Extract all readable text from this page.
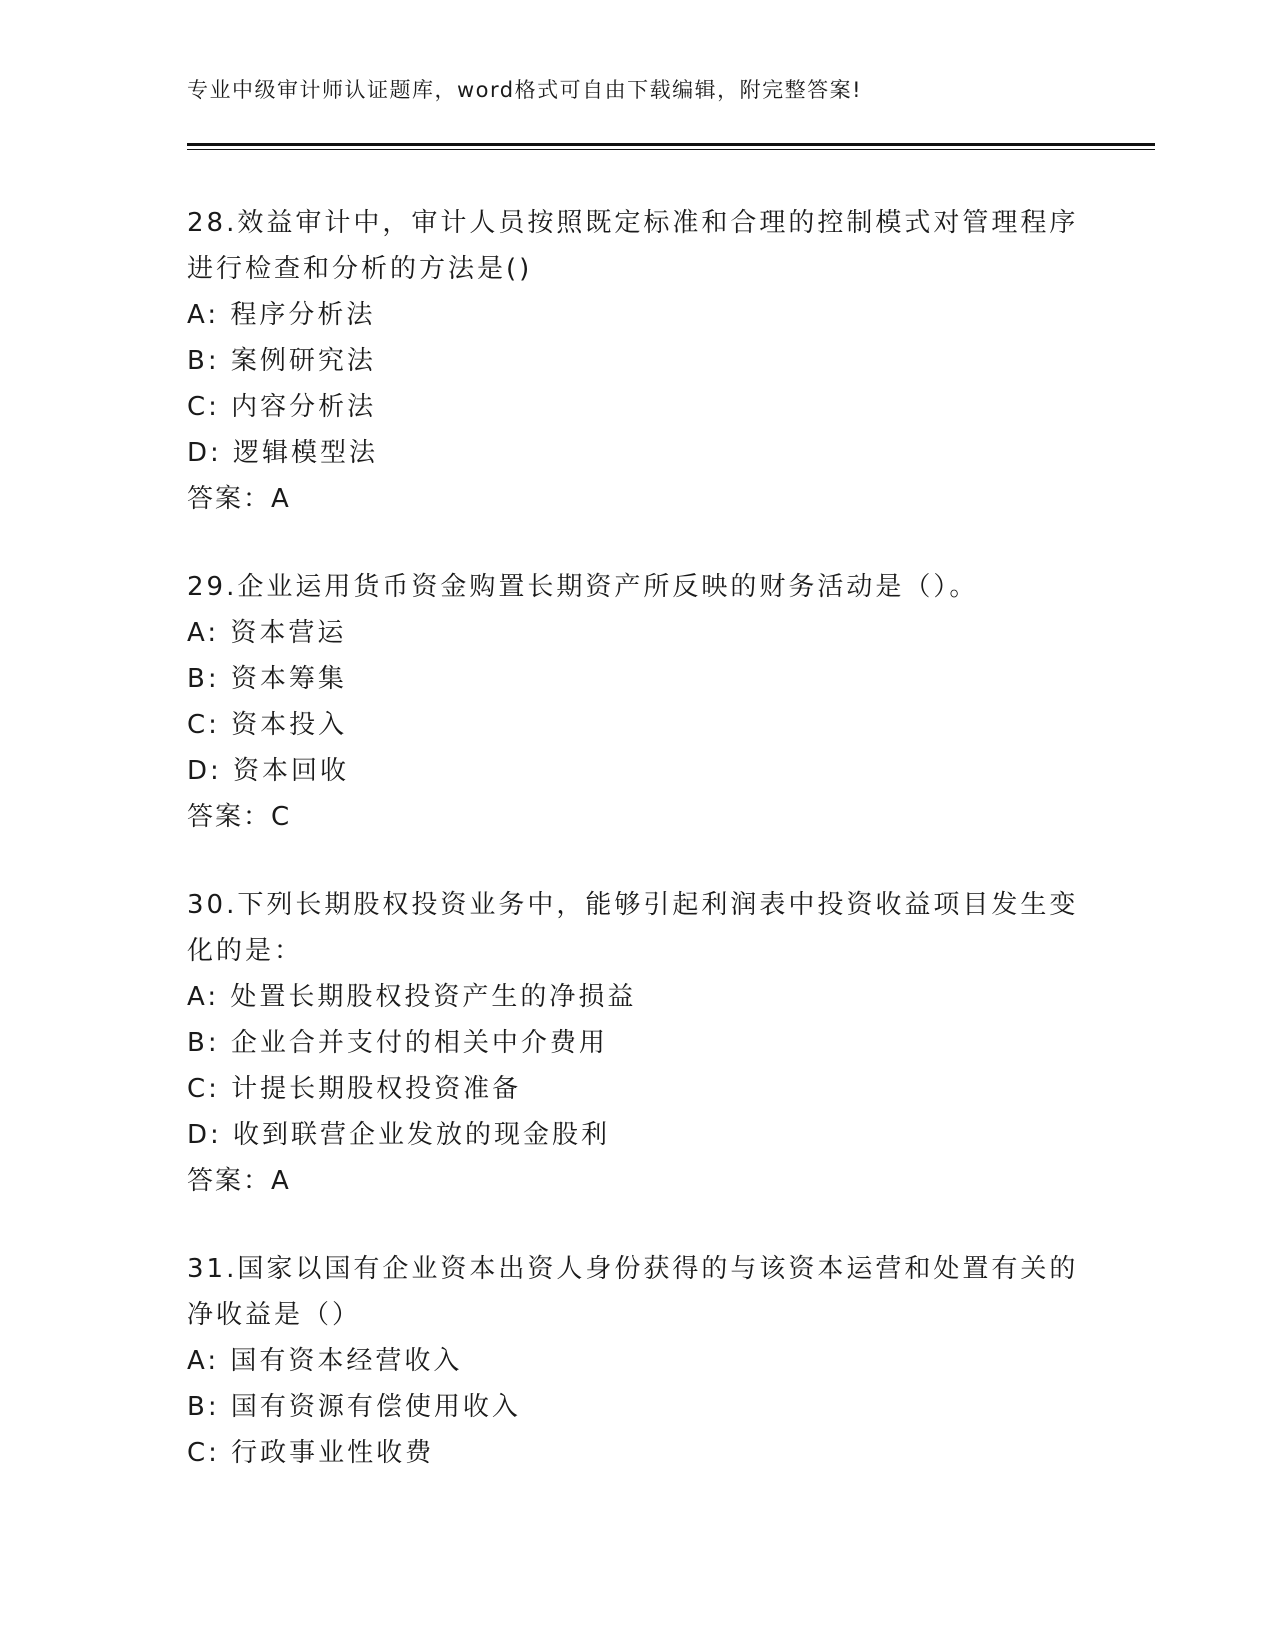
专业中级审计师认证题库，word格式可自由下载编辑，附完整答案!

28.效益审计中，审计人员按照既定标准和合理的控制模式对管理程序进行检查和分析的方法是()

A: 程序分析法
B: 案例研究法
C: 内容分析法
D: 逻辑模型法
答案：A

29.企业运用货币资金购置长期资产所反映的财务活动是（）。

A: 资本营运
B: 资本筹集
C: 资本投入
D: 资本回收
答案：C

30.下列长期股权投资业务中，能够引起利润表中投资收益项目发生变化的是：

A: 处置长期股权投资产生的净损益
B: 企业合并支付的相关中介费用
C: 计提长期股权投资准备
D: 收到联营企业发放的现金股利
答案：A

31.国家以国有企业资本出资人身份获得的与该资本运营和处置有关的净收益是（）

A: 国有资本经营收入
B: 国有资源有偿使用收入
C: 行政事业性收费
